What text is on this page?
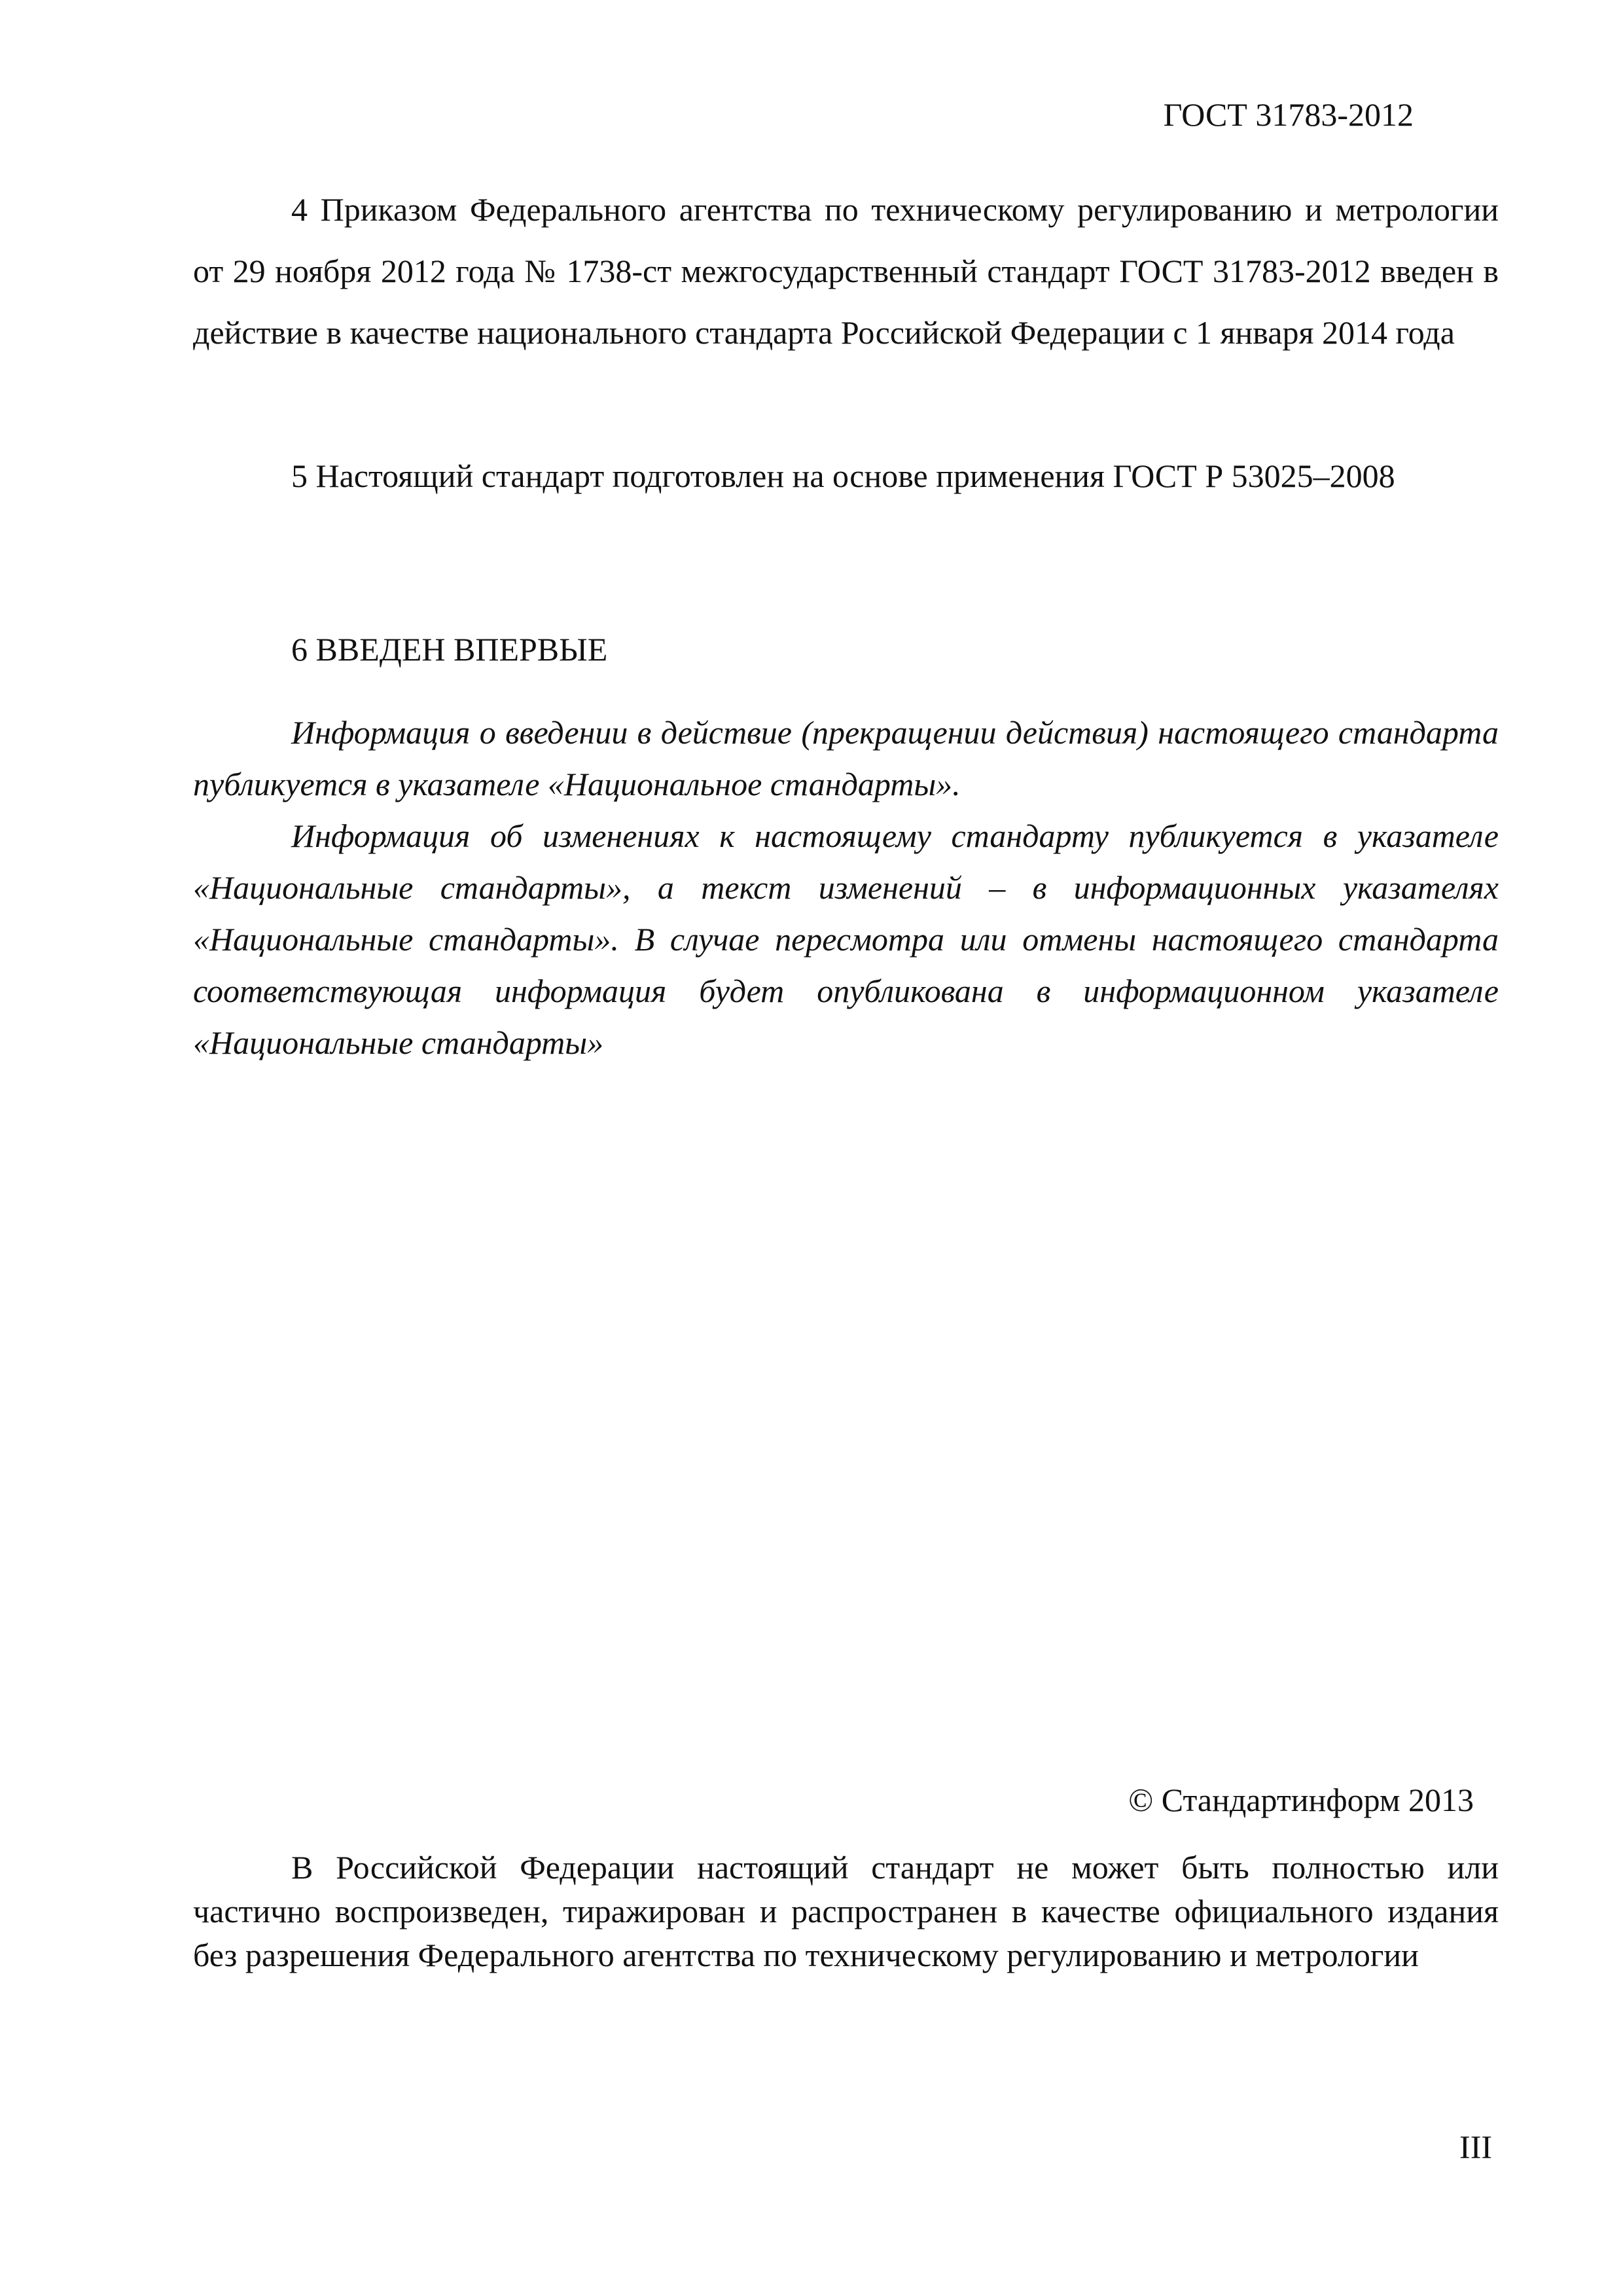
ГОСТ 31783-2012

4 Приказом Федерального агентства по техническому регулированию и метрологии от 29 ноября 2012 года № 1738-ст межгосударственный стандарт ГОСТ 31783-2012 введен в действие в качестве национального стандарта Российской Федерации с 1 января 2014 года

5 Настоящий стандарт подготовлен на основе применения ГОСТ Р 53025–2008

6 ВВЕДЕН ВПЕРВЫЕ

Информация о введении в действие (прекращении действия) настоящего стандарта публикуется в указателе «Национальное стандарты».

Информация об изменениях к настоящему стандарту публикуется в указателе «Национальные стандарты», а текст изменений – в информационных указателях «Национальные стандарты». В случае пересмотра или отмены настоящего стандарта соответствующая информация будет опубликована в информационном указателе «Национальные стандарты»

© Стандартинформ 2013

В Российской Федерации настоящий стандарт не может быть полностью или частично воспроизведен, тиражирован и распространен в качестве официального издания без разрешения Федерального агентства по техническому регулированию и метрологии

III
